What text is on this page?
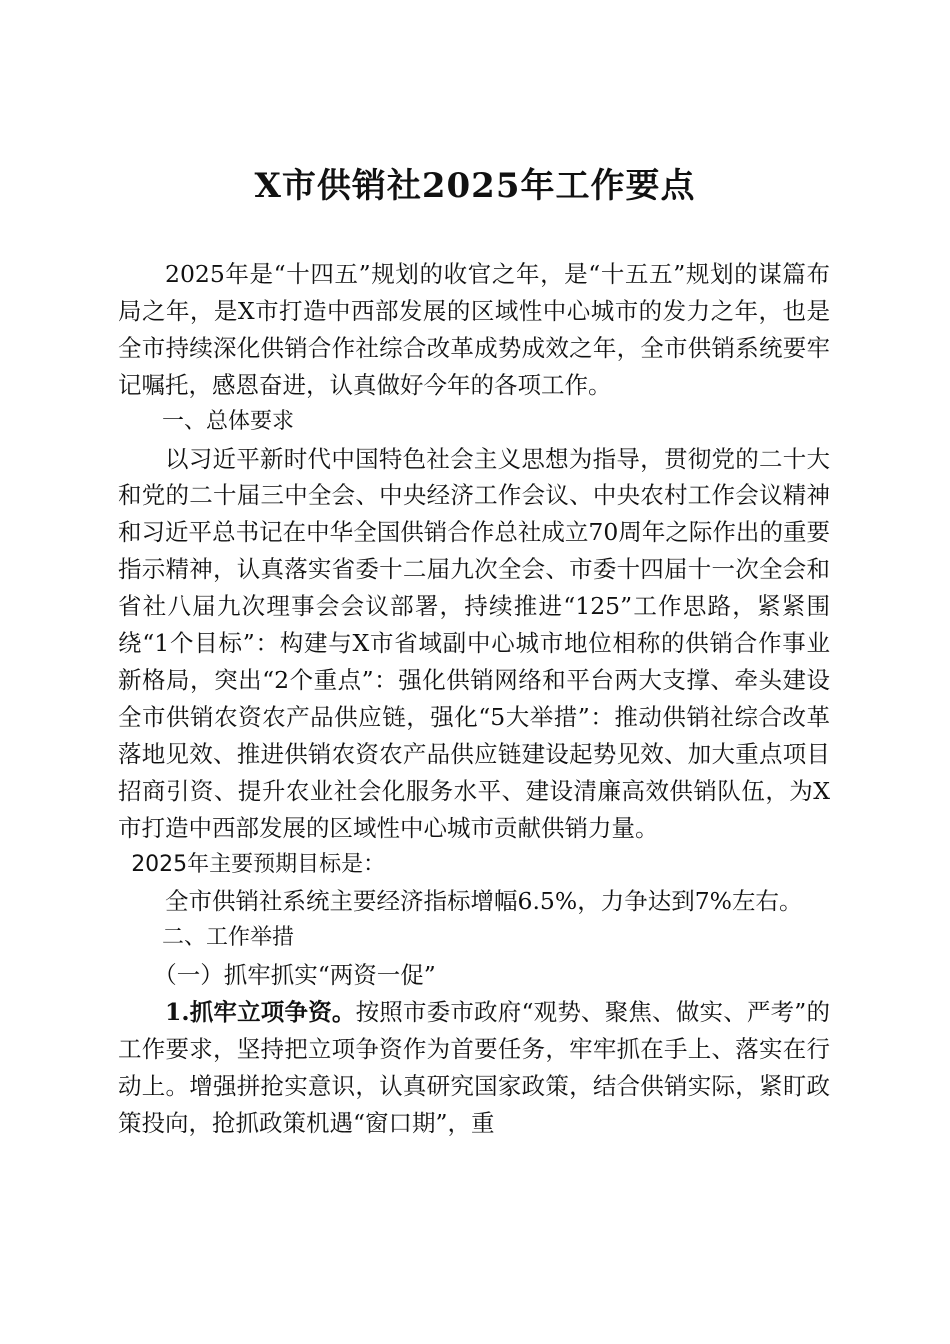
X市供销社2025年工作要点

2025年是“十四五”规划的收官之年，是“十五五”规划的谋篇布局之年，是X市打造中西部发展的区域性中心城市的发力之年，也是全市持续深化供销合作社综合改革成势成效之年，全市供销系统要牢记嘱托，感恩奋进，认真做好今年的各项工作。

一、总体要求

以习近平新时代中国特色社会主义思想为指导，贯彻党的二十大和党的二十届三中全会、中央经济工作会议、中央农村工作会议精神和习近平总书记在中华全国供销合作总社成立70周年之际作出的重要指示精神，认真落实省委十二届九次全会、市委十四届十一次全会和省社八届九次理事会会议部署，持续推进“125”工作思路，紧紧围绕“1个目标”：构建与X市省域副中心城市地位相称的供销合作事业新格局，突出“2个重点”：强化供销网络和平台两大支撑、牵头建设全市供销农资农产品供应链，强化“5大举措”：推动供销社综合改革落地见效、推进供销农资农产品供应链建设起势见效、加大重点项目招商引资、提升农业社会化服务水平、建设清廉高效供销队伍，为X市打造中西部发展的区域性中心城市贡献供销力量。

2025年主要预期目标是：

全市供销社系统主要经济指标增幅6.5%，力争达到7%左右。

二、工作举措

（一）抓牢抓实“两资一促”

1.抓牢立项争资。按照市委市政府“观势、聚焦、做实、严考”的工作要求，坚持把立项争资作为首要任务，牢牢抓在手上、落实在行动上。增强拼抢实意识，认真研究国家政策，结合供销实际，紧盯政策投向，抢抓政策机遇“窗口期”，重
